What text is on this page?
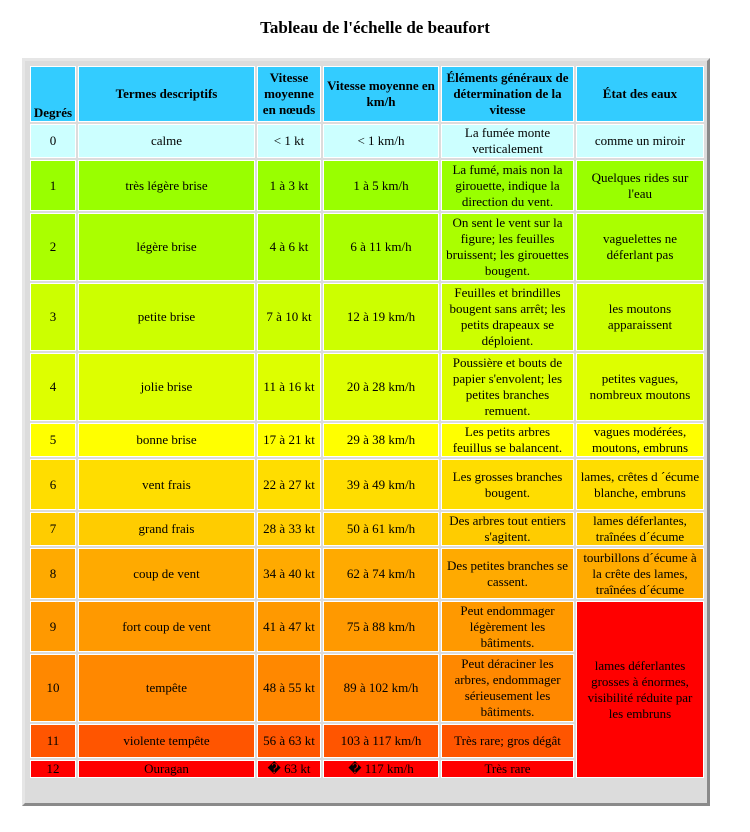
Tableau de l'échelle de beaufort
Degrés	Termes descriptifs	Vitesse moyenne en nœuds	Vitesse moyenne en km/h	Éléments généraux de détermination de la vitesse	État des eaux
0	calme	< 1 kt	< 1 km/h	La fumée monte verticalement	comme un miroir
1	très légère brise	1 à 3 kt	1 à 5 km/h	La fumé, mais non la girouette, indique la direction du vent.	Quelques rides sur l'eau
2	légère brise	4 à 6 kt	6 à 11 km/h	On sent le vent sur la figure; les feuilles bruissent; les girouettes bougent.	vaguelettes ne déferlant pas
3	petite brise	7 à 10 kt	12 à 19 km/h	Feuilles et brindilles bougent sans arrêt; les petits drapeaux se déploient.	les moutons apparaissent
4	jolie brise	11 à 16 kt	20 à 28 km/h	Poussière et bouts de papier s'envolent; les petites branches remuent.	petites vagues, nombreux moutons
5	bonne brise	17 à 21 kt	29 à 38 km/h	Les petits arbres feuillus se balancent.	vagues modérées, moutons, embruns
6	vent frais	22 à 27 kt	39 à 49 km/h	Les grosses branches bougent.	lames, crêtes d ´écume blanche, embruns
7	grand frais	28 à 33 kt	50 à 61 km/h	Des arbres tout entiers s'agitent.	lames déferlantes, traînées d´écume
8	coup de vent	34 à 40 kt	62 à 74 km/h	Des petites branches se cassent.	tourbillons d´écume à la crête des lames, traînées d´écume
9	fort coup de vent	41 à 47 kt	75 à 88 km/h	Peut endommager légèrement les bâtiments.	lames déferlantes grosses à énormes, visibilité réduite par les embruns
10	tempête	48 à 55 kt	89 à 102 km/h	Peut déraciner les arbres, endommager sérieusement les bâtiments.	
11	violente tempête	56 à 63 kt	103 à 117 km/h	Très rare; gros dégât	
12	Ouragan	� 63 kt	� 117 km/h	Très rare	
